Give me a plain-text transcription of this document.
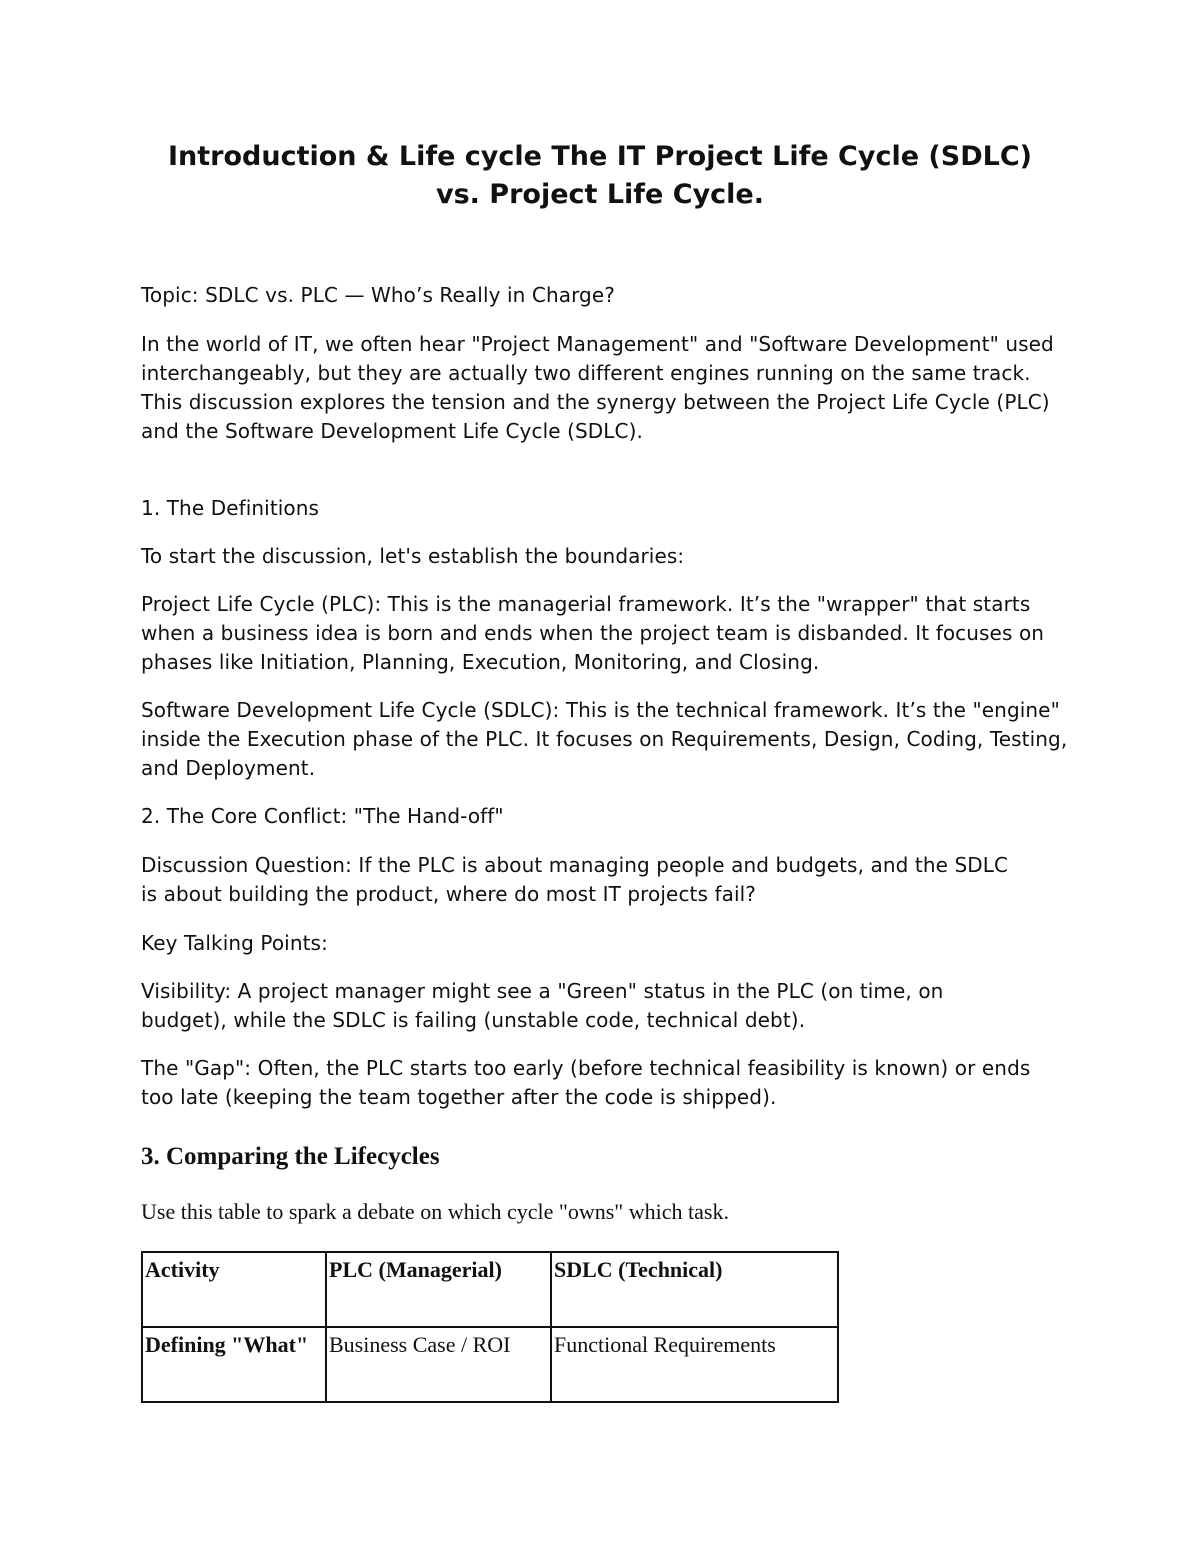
Introduction & Life cycle The IT Project Life Cycle (SDLC)
vs. Project Life Cycle.

Topic: SDLC vs. PLC — Who’s Really in Charge?

In the world of IT, we often hear "Project Management" and "Software Development" used interchangeably, but they are actually two different engines running on the same track. This discussion explores the tension and the synergy between the Project Life Cycle (PLC) and the Software Development Life Cycle (SDLC).

1. The Definitions

To start the discussion, let's establish the boundaries:

Project Life Cycle (PLC): This is the managerial framework. It’s the "wrapper" that starts when a business idea is born and ends when the project team is disbanded. It focuses on phases like Initiation, Planning, Execution, Monitoring, and Closing.

Software Development Life Cycle (SDLC): This is the technical framework. It’s the "engine" inside the Execution phase of the PLC. It focuses on Requirements, Design, Coding, Testing, and Deployment.

2. The Core Conflict: "The Hand-off"

Discussion Question: If the PLC is about managing people and budgets, and the SDLC is about building the product, where do most IT projects fail?

Key Talking Points:

Visibility: A project manager might see a "Green" status in the PLC (on time, on budget), while the SDLC is failing (unstable code, technical debt).

The "Gap": Often, the PLC starts too early (before technical feasibility is known) or ends too late (keeping the team together after the code is shipped).

3. Comparing the Lifecycles

Use this table to spark a debate on which cycle "owns" which task.

Activity	PLC (Managerial)	SDLC (Technical)
Defining "What"	Business Case / ROI	Functional Requirements
